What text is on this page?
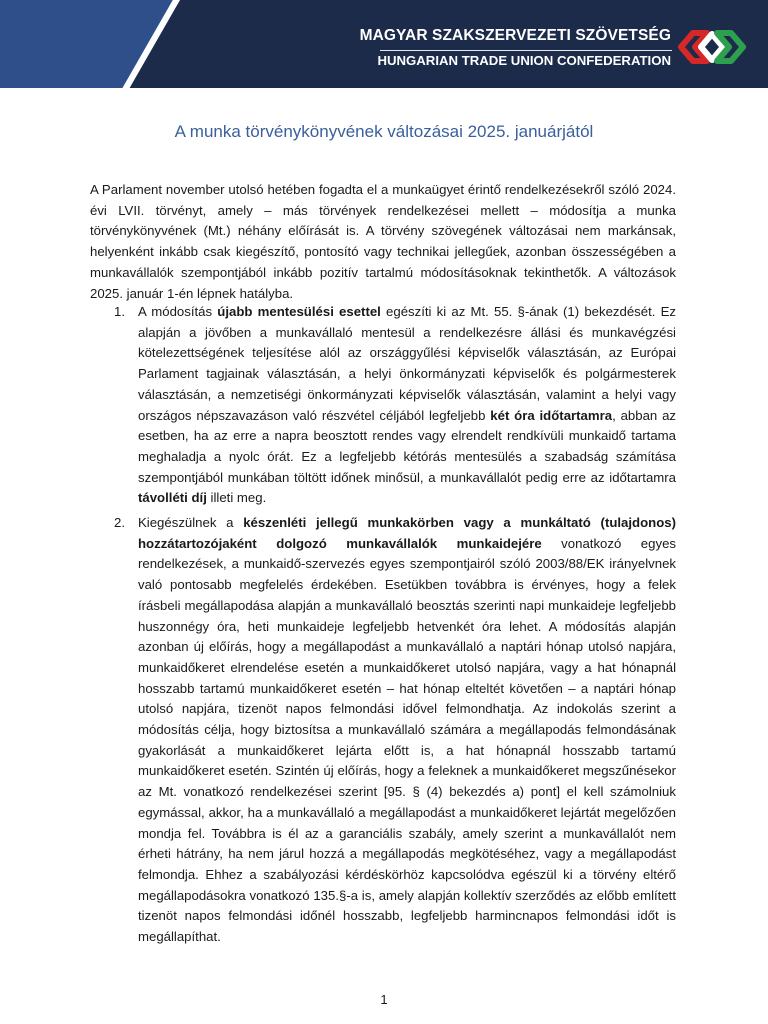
MAGYAR SZAKSZERVEZETI SZÖVETSÉG
HUNGARIAN TRADE UNION CONFEDERATION
A munka törvénykönyvének változásai 2025. januárjától

A Parlament november utolsó hetében fogadta el a munkaügyet érintő rendelkezésekről szóló 2024. évi LVII. törvényt, amely – más törvények rendelkezései mellett – módosítja a munka törvénykönyvének (Mt.) néhány előírását is. A törvény szövegének változásai nem markánsak, helyenként inkább csak kiegészítő, pontosító vagy technikai jellegűek, azonban összességében a munkavállalók szempontjából inkább pozitív tartalmú módosításoknak tekinthetők. A változások 2025. január 1-én lépnek hatályba.

1. A módosítás újabb mentesülési esettel egészíti ki az Mt. 55. §-ának (1) bekezdését. Ez alapján a jövőben a munkavállaló mentesül a rendelkezésre állási és munkavégzési kötelezettségének teljesítése alól az országgyűlési képviselők választásán, az Európai Parlament tagjainak választásán, a helyi önkormányzati képviselők és polgármesterek választásán, a nemzetiségi önkormányzati képviselők választásán, valamint a helyi vagy országos népszavazáson való részvétel céljából legfeljebb két óra időtartamra, abban az esetben, ha az erre a napra beosztott rendes vagy elrendelt rendkívüli munkaidő tartama meghaladja a nyolc órát. Ez a legfeljebb kétórás mentesülés a szabadság számítása szempontjából munkában töltött időnek minősül, a munkavállalót pedig erre az időtartamra távolléti díj illeti meg.

2. Kiegészülnek a készenléti jellegű munkakörben vagy a munkáltató (tulajdonos) hozzátartozójaként dolgozó munkavállalók munkaidejére vonatkozó egyes rendelkezések, a munkaidő-szervezés egyes szempontjairól szóló 2003/88/EK irányelvnek való pontosabb megfelelés érdekében. Esetükben továbbra is érvényes, hogy a felek írásbeli megállapodása alapján a munkavállaló beosztás szerinti napi munkaideje legfeljebb huszonnégy óra, heti munkaideje legfeljebb hetvenkét óra lehet. A módosítás alapján azonban új előírás, hogy a megállapodást a munkavállaló a naptári hónap utolsó napjára, munkaidőkeret elrendelése esetén a munkaidőkeret utolsó napjára, vagy a hat hónapnál hosszabb tartamú munkaidőkeret esetén – hat hónap elteltét követően – a naptári hónap utolsó napjára, tizenöt napos felmondási idővel felmondhatja. Az indokolás szerint a módosítás célja, hogy biztosítsa a munkavállaló számára a megállapodás felmondásának gyakorlását a munkaidőkeret lejárta előtt is, a hat hónapnál hosszabb tartamú munkaidőkeret esetén. Szintén új előírás, hogy a feleknek a munkaidőkeret megszűnésekor az Mt. vonatkozó rendelkezései szerint [95. § (4) bekezdés a) pont] el kell számolniuk egymással, akkor, ha a munkavállaló a megállapodást a munkaidőkeret lejártát megelőzően mondja fel. Továbbra is él az a garanciális szabály, amely szerint a munkavállalót nem érheti hátrány, ha nem járul hozzá a megállapodás megkötéséhez, vagy a megállapodást felmondja. Ehhez a szabályozási kérdéskörhöz kapcsolódva egészül ki a törvény eltérő megállapodásokra vonatkozó 135.§-a is, amely alapján kollektív szerződés az előbb említett tizenöt napos felmondási időnél hosszabb, legfeljebb harmincnapos felmondási időt is megállapíthat.

1
